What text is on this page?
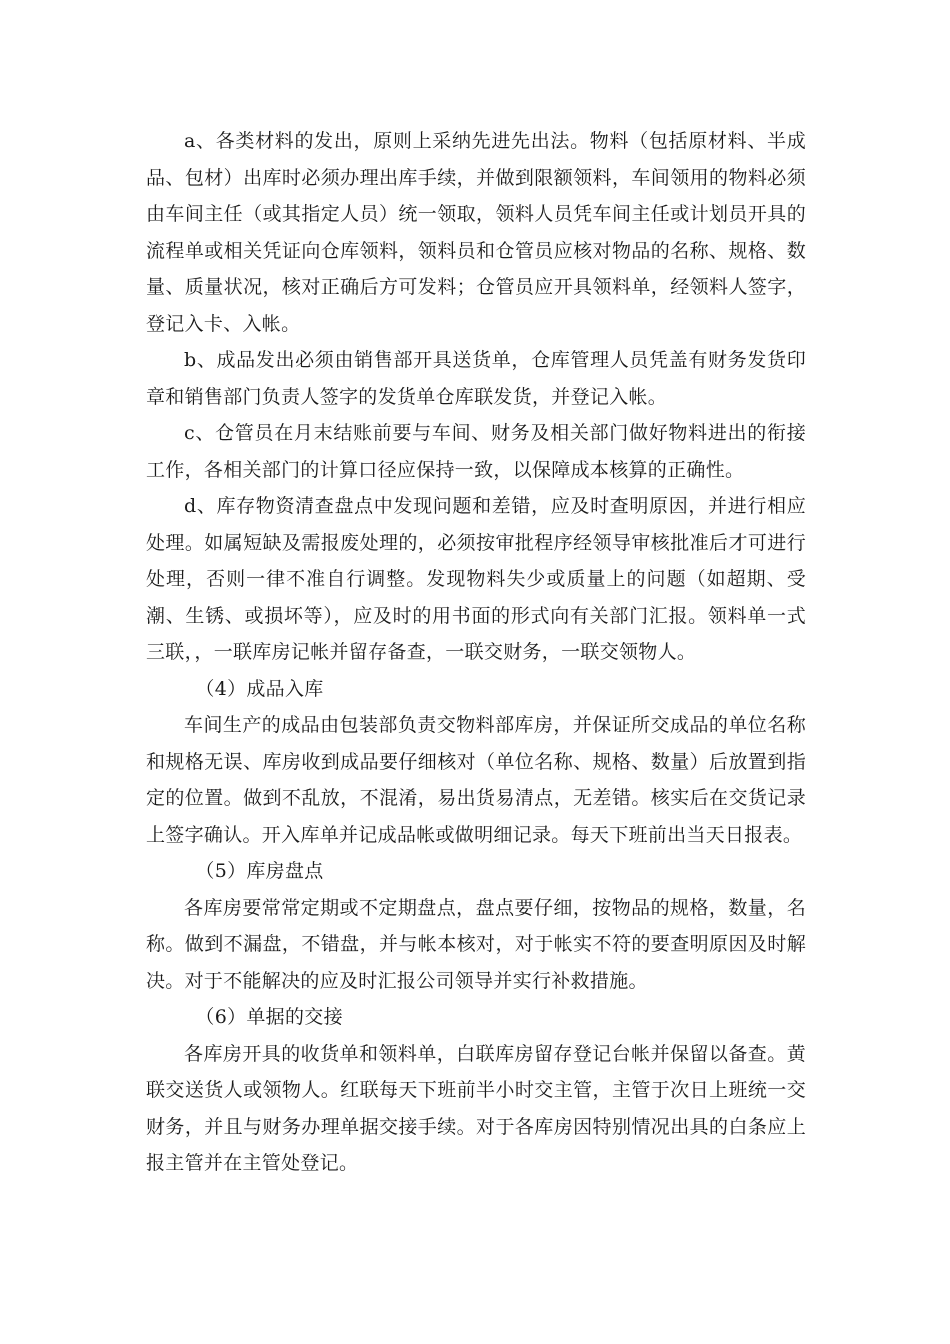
a、各类材料的发出，原则上采纳先进先出法。物料（包括原材料、半成品、包材）出库时必须办理出库手续，并做到限额领料，车间领用的物料必须由车间主任（或其指定人员）统一领取，领料人员凭车间主任或计划员开具的流程单或相关凭证向仓库领料，领料员和仓管员应核对物品的名称、规格、数量、质量状况，核对正确后方可发料；仓管员应开具领料单，经领料人签字，登记入卡、入帐。

b、成品发出必须由销售部开具送货单，仓库管理人员凭盖有财务发货印章和销售部门负责人签字的发货单仓库联发货，并登记入帐。

c、仓管员在月末结账前要与车间、财务及相关部门做好物料进出的衔接工作，各相关部门的计算口径应保持一致，以保障成本核算的正确性。

d、库存物资清查盘点中发现问题和差错，应及时查明原因，并进行相应处理。如属短缺及需报废处理的，必须按审批程序经领导审核批准后才可进行处理，否则一律不准自行调整。发现物料失少或质量上的问题（如超期、受潮、生锈、或损坏等），应及时的用书面的形式向有关部门汇报。领料单一式三联，，一联库房记帐并留存备查，一联交财务，一联交领物人。

（4）成品入库

车间生产的成品由包装部负责交物料部库房，并保证所交成品的单位名称和规格无误、库房收到成品要仔细核对（单位名称、规格、数量）后放置到指定的位置。做到不乱放，不混淆，易出货易清点，无差错。核实后在交货记录上签字确认。开入库单并记成品帐或做明细记录。每天下班前出当天日报表。

（5）库房盘点

各库房要常常定期或不定期盘点，盘点要仔细，按物品的规格，数量，名称。做到不漏盘，不错盘，并与帐本核对，对于帐实不符的要查明原因及时解决。对于不能解决的应及时汇报公司领导并实行补救措施。

（6）单据的交接

各库房开具的收货单和领料单，白联库房留存登记台帐并保留以备查。黄联交送货人或领物人。红联每天下班前半小时交主管，主管于次日上班统一交财务，并且与财务办理单据交接手续。对于各库房因特别情况出具的白条应上报主管并在主管处登记。
